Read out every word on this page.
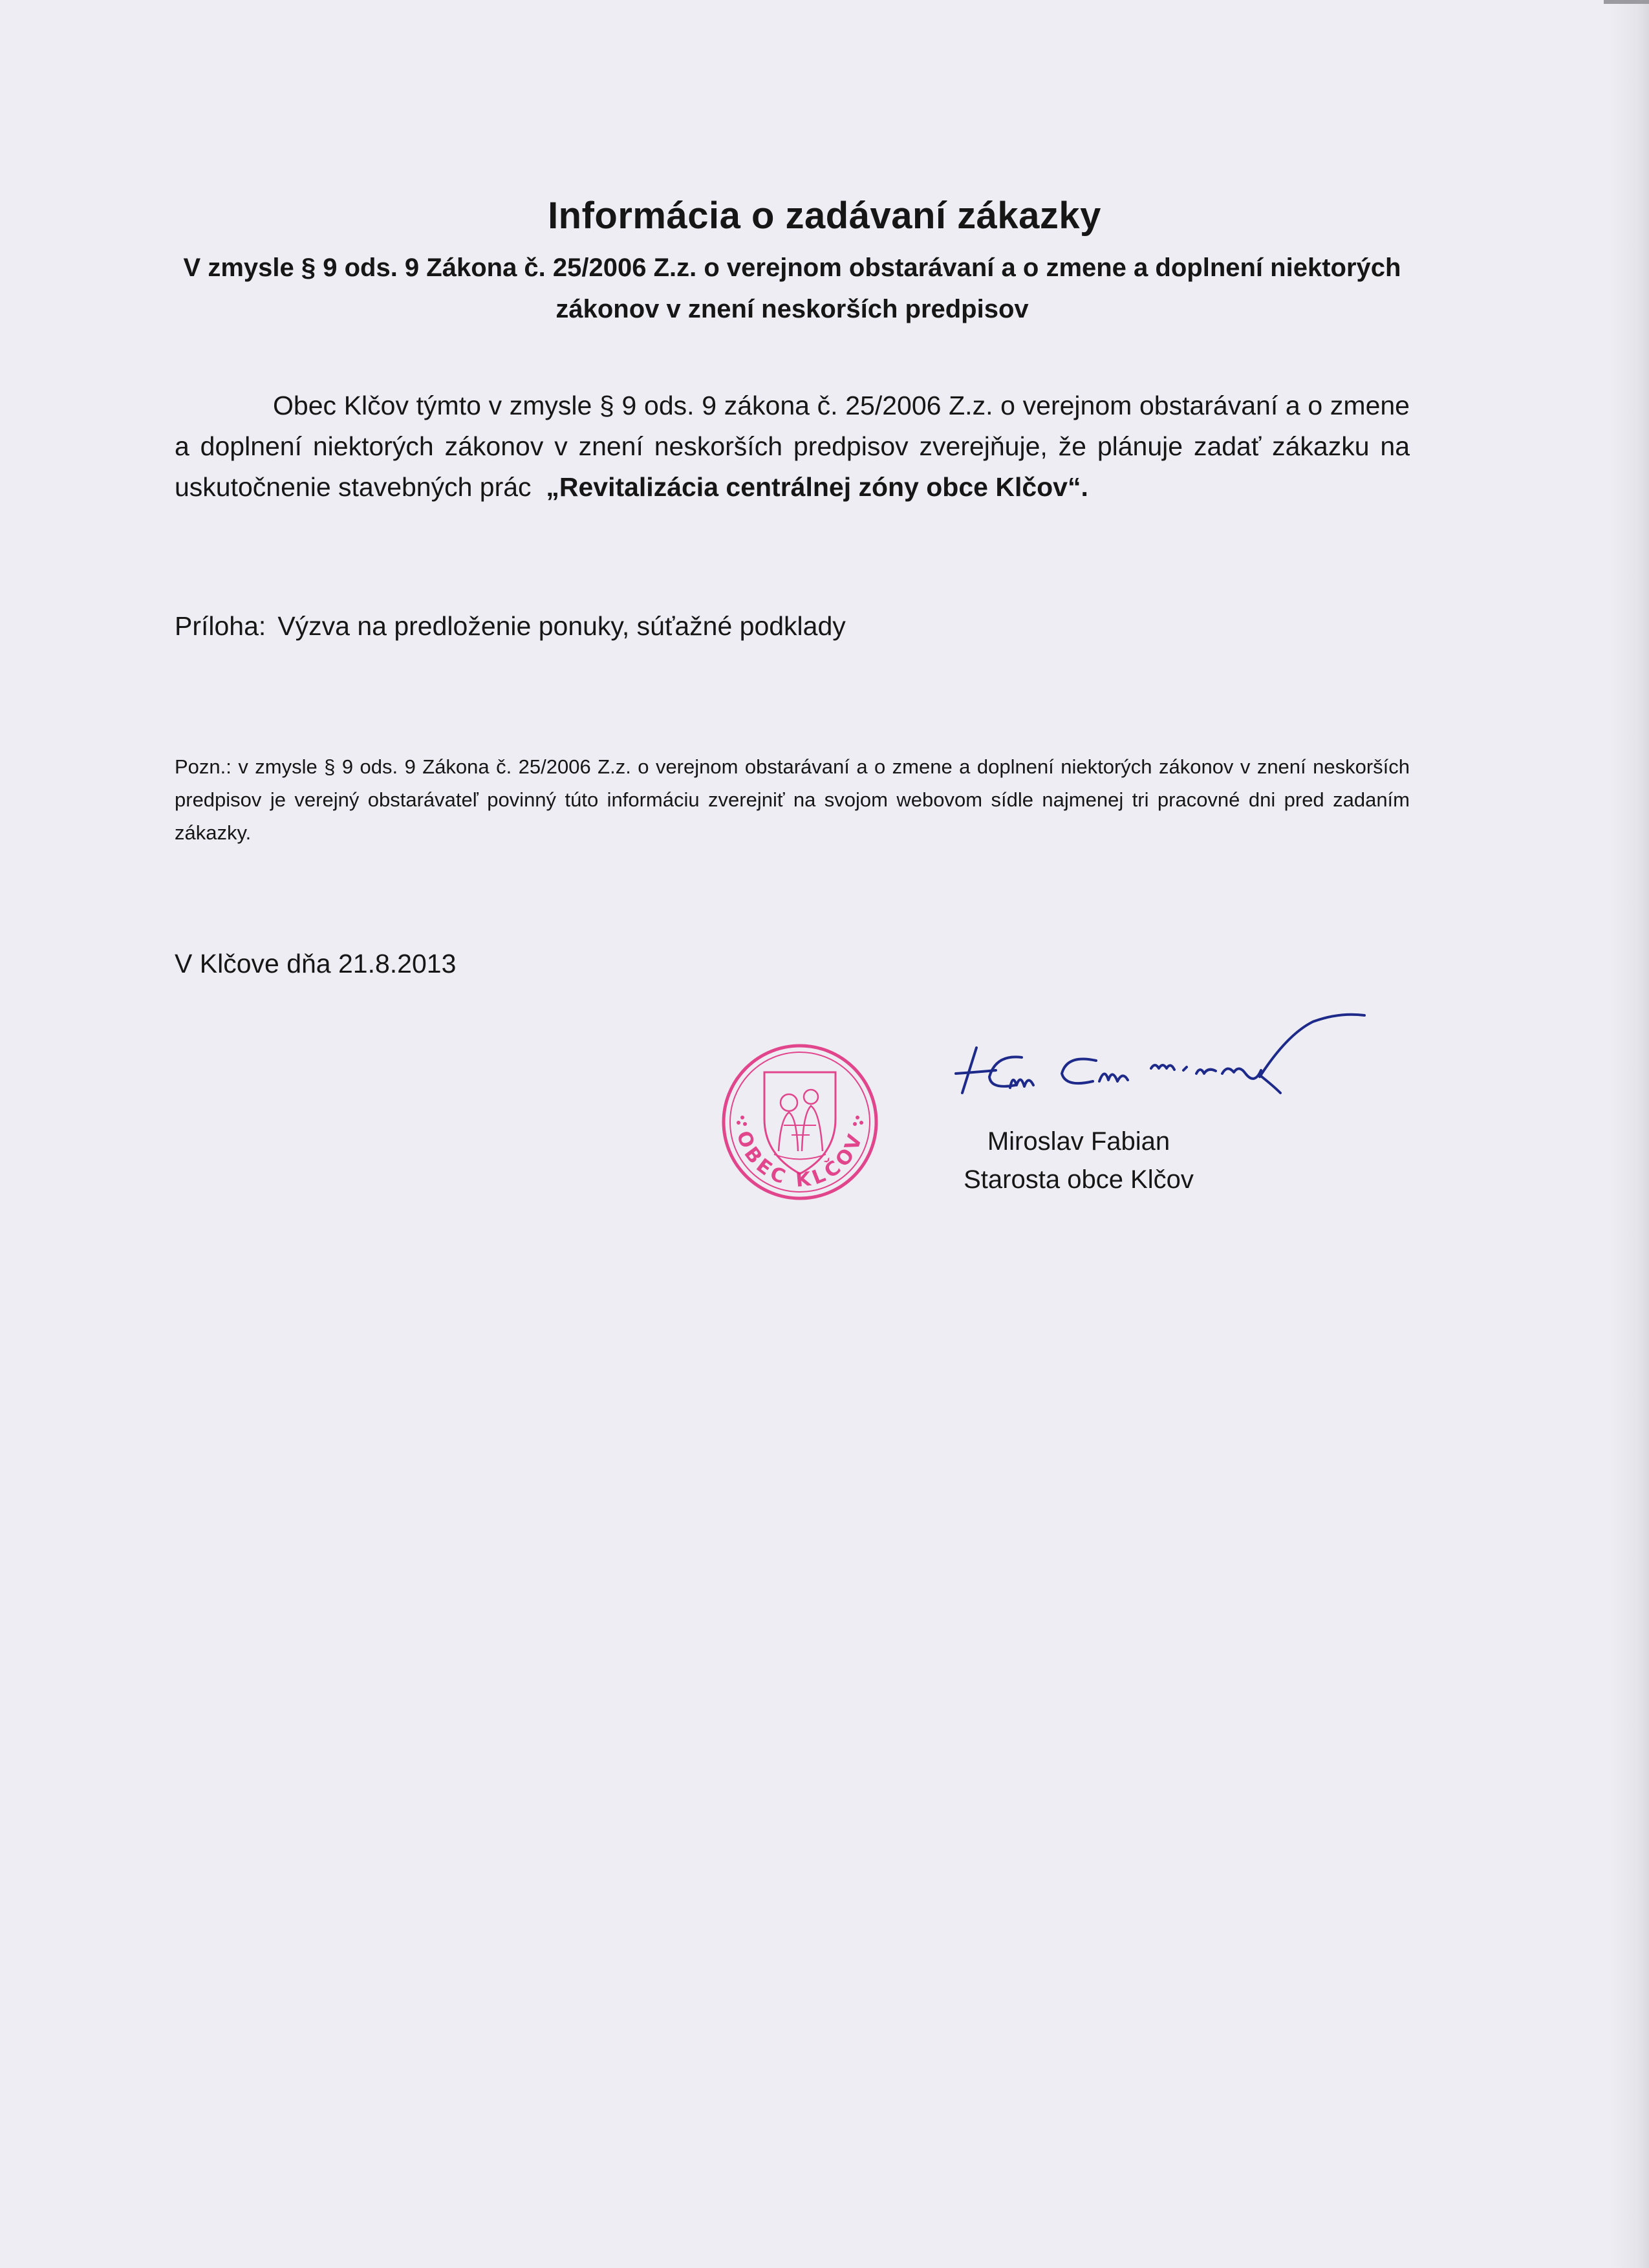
Informácia o zadávaní zákazky
V zmysle § 9 ods. 9 Zákona č. 25/2006 Z.z. o verejnom obstarávaní a o zmene a doplnení niektorých
zákonov v znení neskorších predpisov
Obec Klčov týmto v zmysle § 9 ods. 9 zákona č. 25/2006 Z.z. o verejnom obstarávaní a o zmene a doplnení niektorých zákonov v znení neskorších predpisov zverejňuje, že plánuje zadať zákazku na uskutočnenie stavebných prác „Revitalizácia centrálnej zóny obce Klčov“.
Príloha: Výzva na predloženie ponuky, súťažné podklady
Pozn.: v zmysle § 9 ods. 9 Zákona č. 25/2006 Z.z. o verejnom obstarávaní a o zmene a doplnení niektorých zákonov v znení neskorších predpisov je verejný obstarávateľ povinný túto informáciu zverejniť na svojom webovom sídle najmenej tri pracovné dni pred zadaním zákazky.
V Klčove dňa 21.8.2013
OBEC KLČOV	Miroslav Fabian
Starosta obce Klčov
